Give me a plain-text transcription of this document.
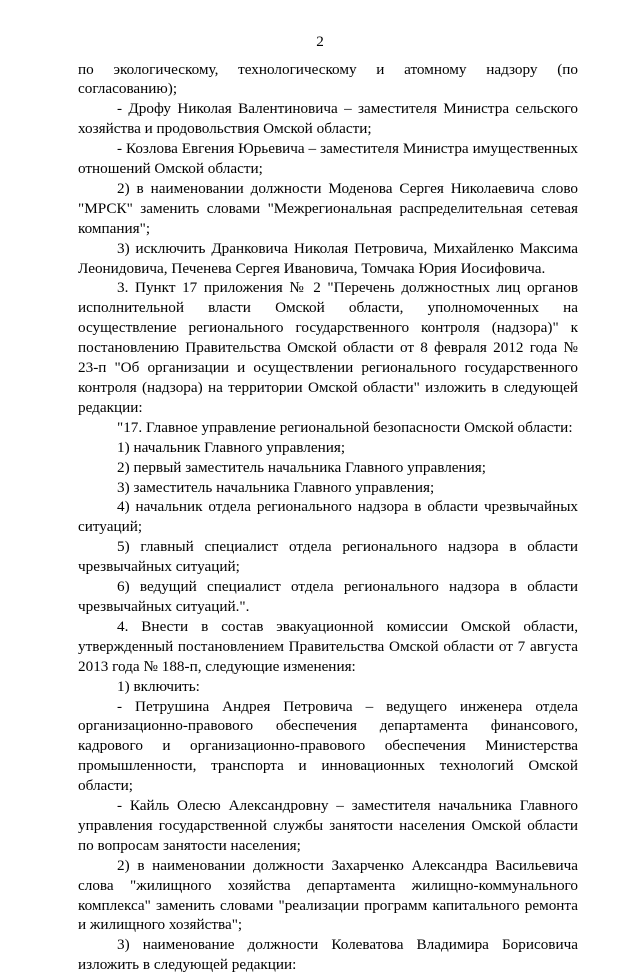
2
по экологическому, технологическому и атомному надзору (по согласованию);
- Дрофу Николая Валентиновича – заместителя Министра сельского хозяйства и продовольствия Омской области;
- Козлова Евгения Юрьевича – заместителя Министра имущественных отношений Омской области;
2) в наименовании должности Моденова Сергея Николаевича слово "МРСК" заменить словами "Межрегиональная распределительная сетевая компания";
3) исключить Дранковича Николая Петровича, Михайленко Максима Леонидовича, Печенева Сергея Ивановича, Томчака Юрия Иосифовича.
3. Пункт 17 приложения № 2 "Перечень должностных лиц органов исполнительной власти Омской области, уполномоченных на осуществление регионального государственного контроля (надзора)" к постановлению Правительства Омской области от 8 февраля 2012 года № 23-п "Об организации и осуществлении регионального государственного контроля (надзора) на территории Омской области" изложить в следующей редакции:
"17. Главное управление региональной безопасности Омской области:
1) начальник Главного управления;
2) первый заместитель начальника Главного управления;
3) заместитель начальника Главного управления;
4) начальник отдела регионального надзора в области чрезвычайных ситуаций;
5) главный специалист отдела регионального надзора в области чрезвычайных ситуаций;
6) ведущий специалист отдела регионального надзора в области чрезвычайных ситуаций.".
4. Внести в состав эвакуационной комиссии Омской области, утвержденный постановлением Правительства Омской области от 7 августа 2013 года № 188-п, следующие изменения:
1) включить:
- Петрушина Андрея Петровича – ведущего инженера отдела организационно-правового обеспечения департамента финансового, кадрового и организационно-правового обеспечения Министерства промышленности, транспорта и инновационных технологий Омской области;
- Кайль Олесю Александровну – заместителя начальника Главного управления государственной службы занятости населения Омской области по вопросам занятости населения;
2) в наименовании должности Захарченко Александра Васильевича слова "жилищного хозяйства департамента жилищно-коммунального комплекса" заменить словами "реализации программ капитального ремонта и жилищного хозяйства";
3) наименование должности Колеватова Владимира Борисовича изложить в следующей редакции:
